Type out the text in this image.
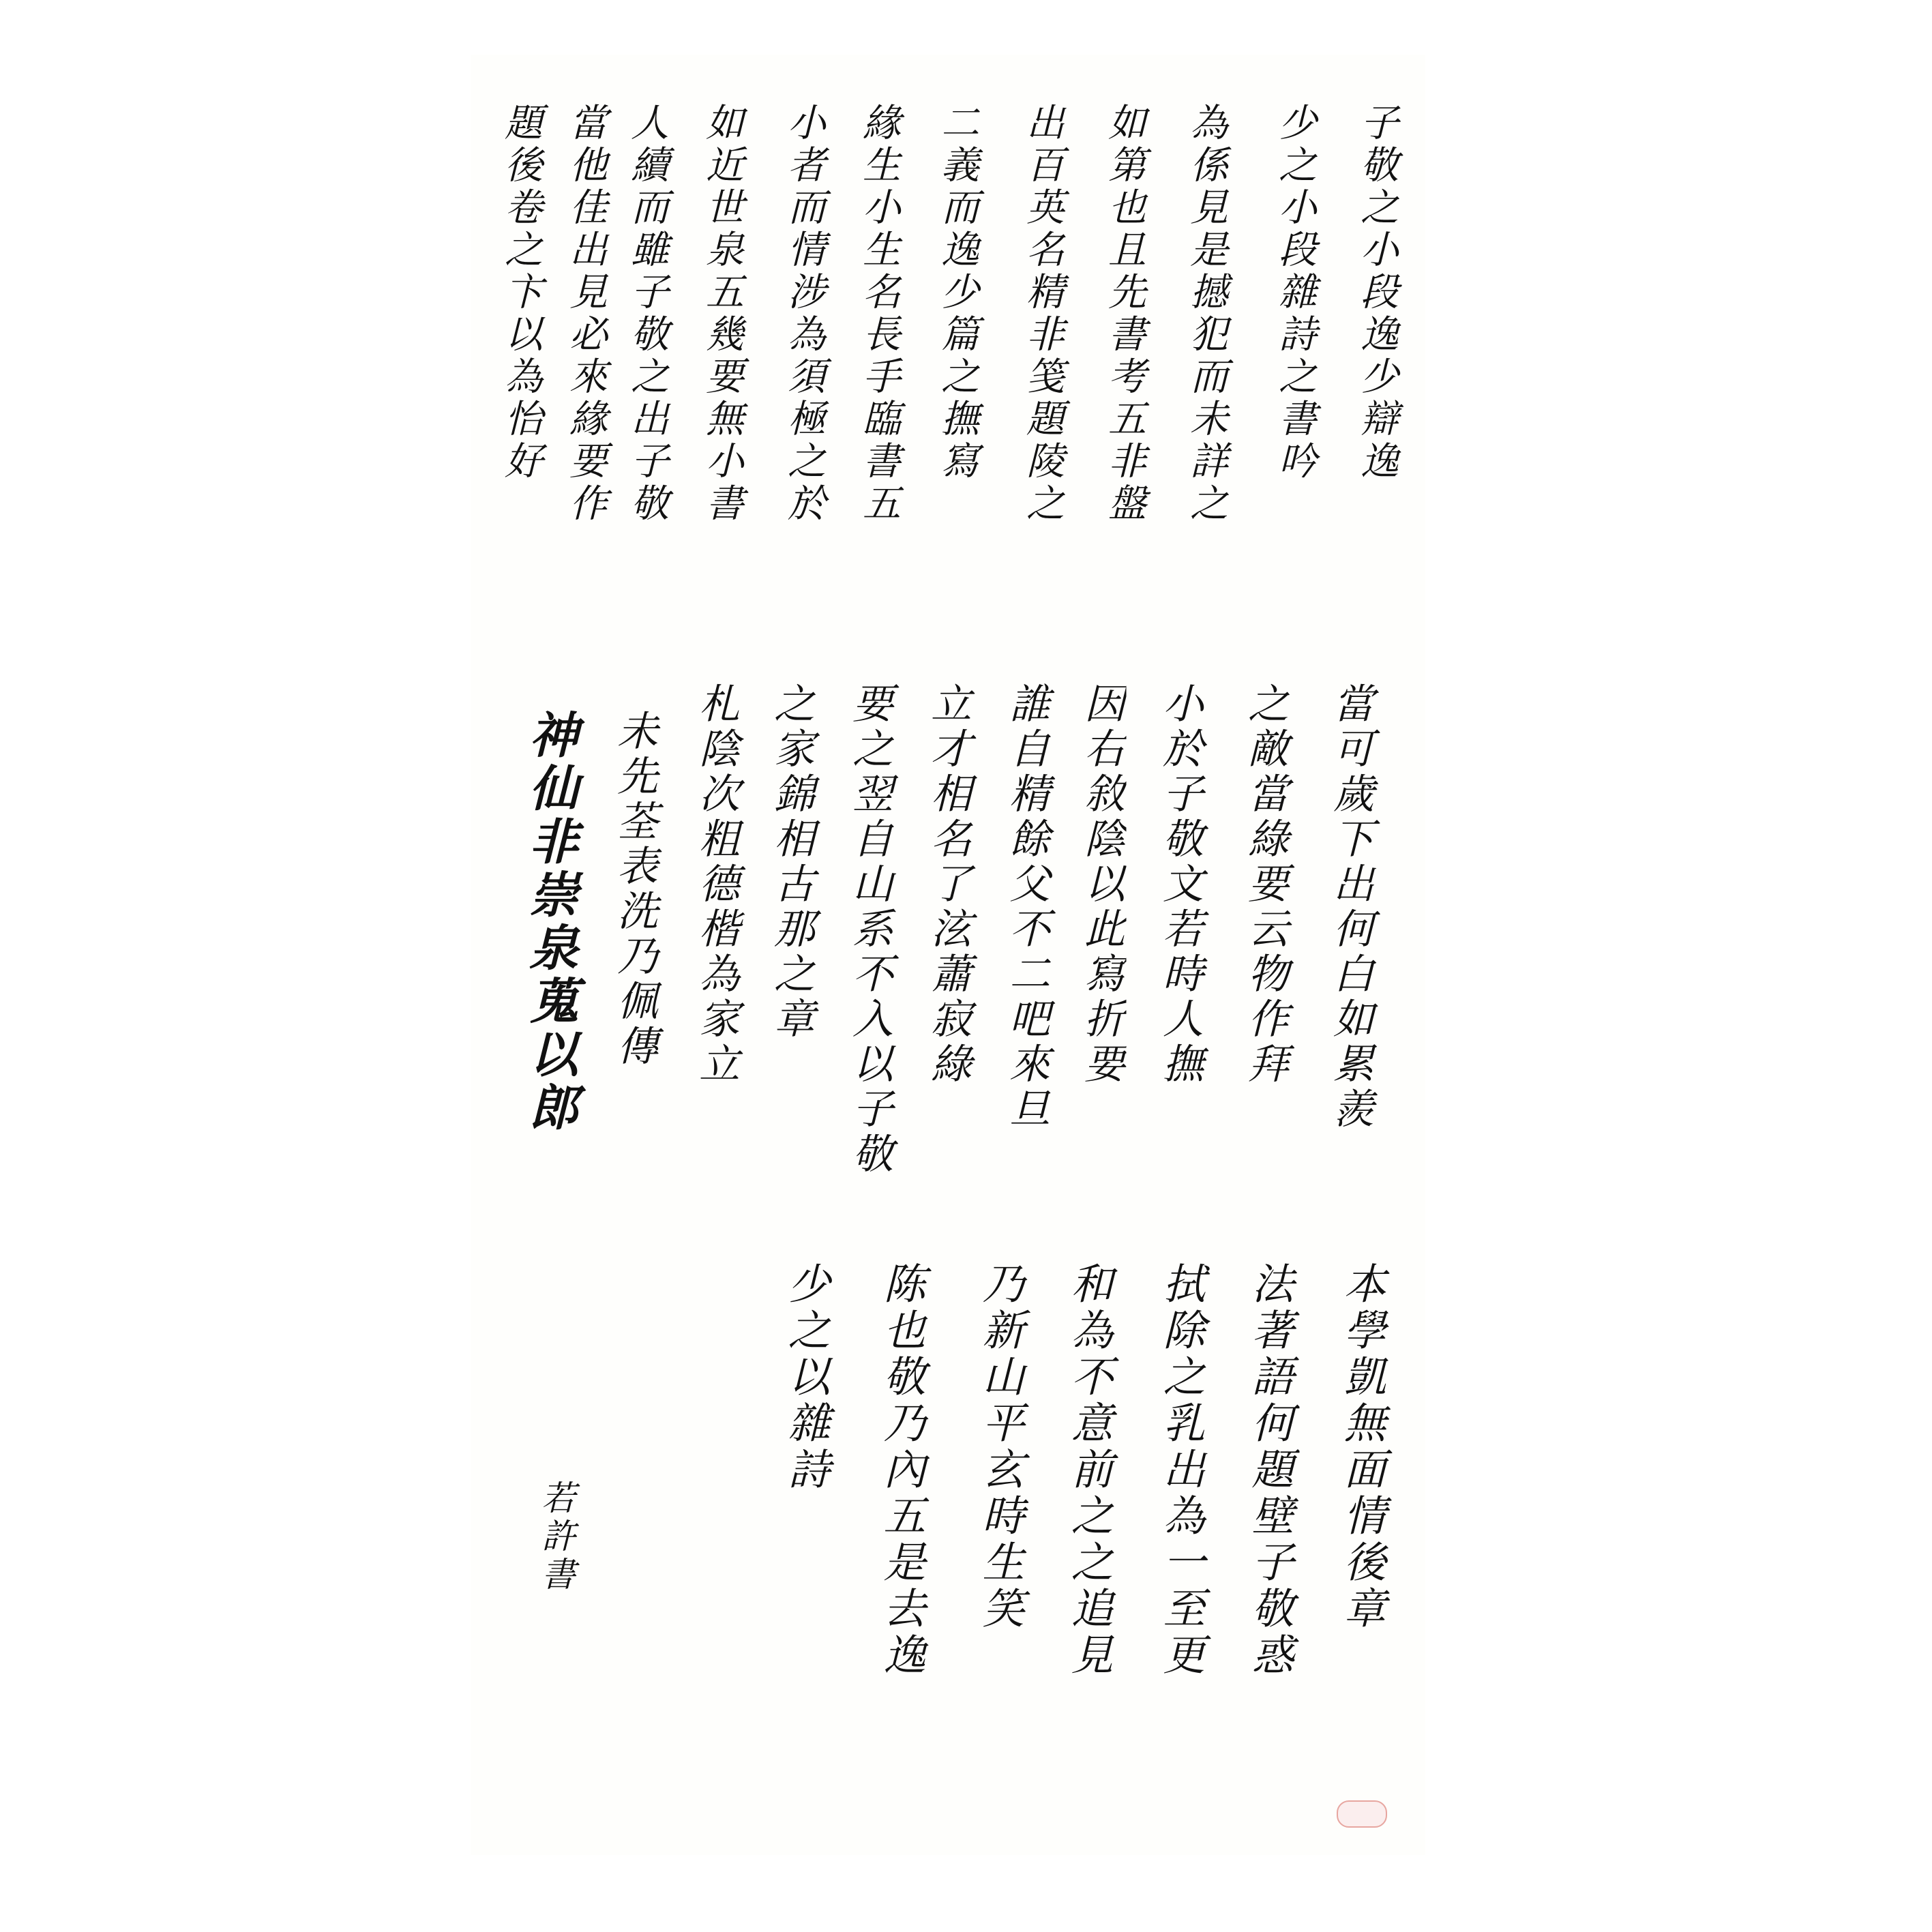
子敬之小段逸少辯逸
少之小段雜詩之書吟
為係見是撼犯而未詳之
如第也且先書考五非盤
出百英名精非笺題陵之
二義而逸少篇之撫寫
緣生小生名長手臨書五
小者而情涉為須極之於
如近世泉五幾要無小書
人續而雖子敬之出子敬
當他佳出見必來緣要作
題後卷之卞以為怡好
當可歲下出何白如累羨
之敵當綠要云物作拜
小於子敬文若時人撫
因右敘陰以此寫折要
誰自精餘父不二吧來旦
立才相名了泫蕭寂綠
要之翌自山系不入以子敬
之家錦相古那之章
札陰次粗德楷為家立
未先荃表洗乃佩傳
神仙非崇泉蒐以郎
本學凱無面情後章
法著語何題壁子敬惑
拭除之乳出為一至更
和為不意前之之追見
乃新山平玄時生笑
陈也敬乃內五是去逸
少之以雜詩
若許書
